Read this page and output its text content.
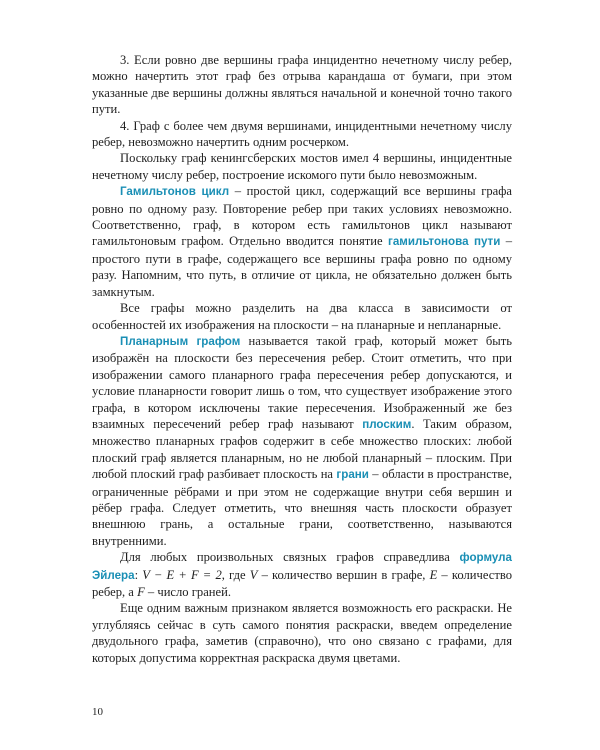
3. Если ровно две вершины графа инцидентно нечетному числу ребер, можно начертить этот граф без отрыва карандаша от бумаги, при этом указанные две вершины должны являться начальной и конечной точно такого пути.

4. Граф с более чем двумя вершинами, инцидентными нечетному числу ребер, невозможно начертить одним росчерком.

Поскольку граф кенингсберских мостов имел 4 вершины, инцидентные нечетному числу ребер, построение искомого пути было невозможным.

Гамильтонов цикл – простой цикл, содержащий все вершины графа ровно по одному разу. Повторение ребер при таких условиях невозможно. Соответственно, граф, в котором есть гамильтонов цикл называют гамильтоновым графом. Отдельно вводится понятие гамильтонова пути – простого пути в графе, содержащего все вершины графа ровно по одному разу. Напомним, что путь, в отличие от цикла, не обязательно должен быть замкнутым.

Все графы можно разделить на два класса в зависимости от особенностей их изображения на плоскости – на планарные и непланарные.

Планарным графом называется такой граф, который может быть изображён на плоскости без пересечения ребер. Стоит отметить, что при изображении самого планарного графа пересечения ребер допускаются, и условие планарности говорит лишь о том, что существует изображение этого графа, в котором исключены такие пересечения. Изображенный же без взаимных пересечений ребер граф называют плоским. Таким образом, множество планарных графов содержит в себе множество плоских: любой плоский граф является планарным, но не любой планарный – плоским. При любой плоский граф разбивает плоскость на грани – области в пространстве, ограниченные рёбрами и при этом не содержащие внутри себя вершин и рёбер графа. Следует отметить, что внешняя часть плоскости образует внешнюю грань, а остальные грани, соответственно, называются внутренними.

Для любых произвольных связных графов справедлива формула Эйлера: V − E + F = 2, где V – количество вершин в графе, E – количество ребер, а F – число граней.

Еще одним важным признаком является возможность его раскраски. Не углубляясь сейчас в суть самого понятия раскраски, введем определение двудольного графа, заметив (справочно), что оно связано с графами, для которых допустима корректная раскраска двумя цветами.

10
